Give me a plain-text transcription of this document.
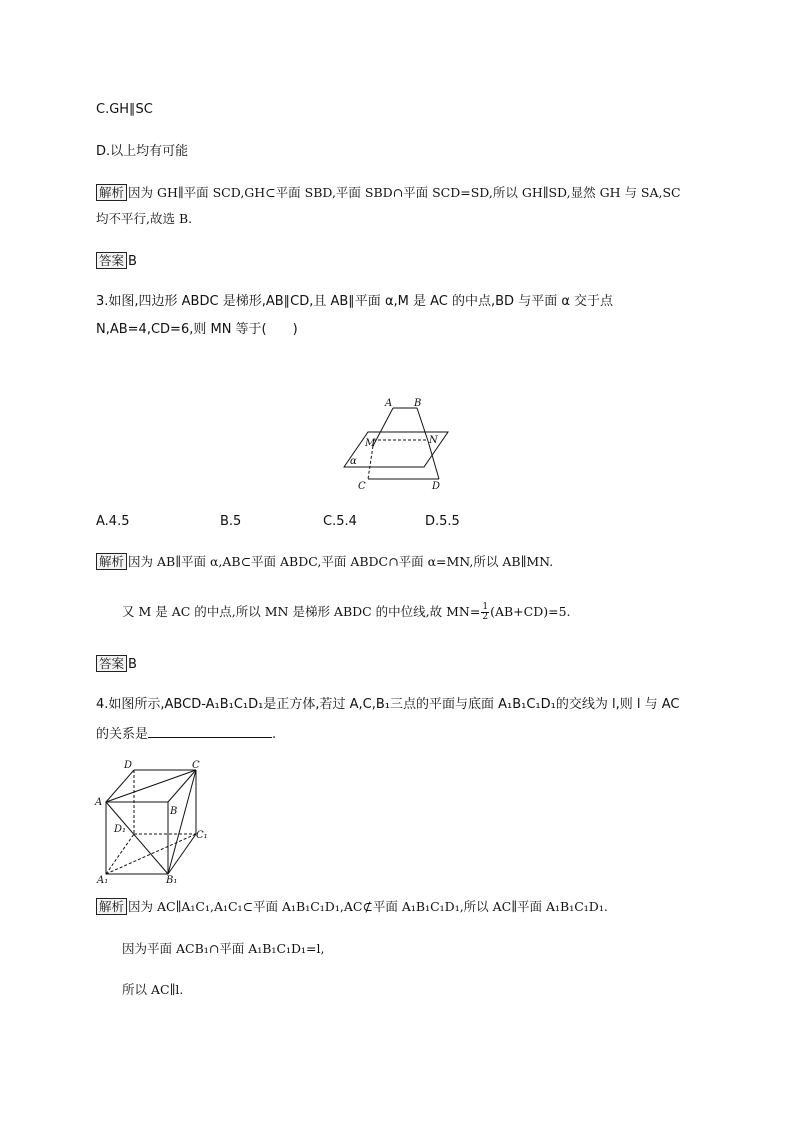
C.GH∥SC
D.以上均有可能
解析 因为 GH∥平面 SCD,GH⊂平面 SBD,平面 SBD∩平面 SCD=SD,所以 GH∥SD,显然 GH 与 SA,SC
均不平行,故选 B.
答案 B
3.如图,四边形 ABDC 是梯形,AB∥CD,且 AB∥平面 α,M 是 AC 的中点,BD 与平面 α 交于点
N,AB=4,CD=6,则 MN 等于(　　)
A B
M	N
α
C	D
A.4.5	B.5	C.5.4	D.5.5
解析 因为 AB∥平面 α,AB⊂平面 ABDC,平面 ABDC∩平面 α=MN,所以 AB∥MN.
又 M 是 AC 的中点,所以 MN 是梯形 ABDC 的中位线,故 $MN= \frac{1}{2} (AB+CD)=5$.
答案 B
4.如图所示,ABCD-A₁B₁C₁D₁是正方体,若过 A,C,B₁三点的平面与底面 A₁B₁C₁D₁的交线为 l,则 l 与 AC
的关系是	.
D	C
A
B
D₁
C₁
A₁	B₁
解析 因为 AC∥A₁C₁,A₁C₁⊂平面 A₁B₁C₁D₁,AC⊄平面 A₁B₁C₁D₁,所以 AC∥平面 A₁B₁C₁D₁.
因为平面 ACB₁∩平面 A₁B₁C₁D₁=l,
所以 AC∥l.
